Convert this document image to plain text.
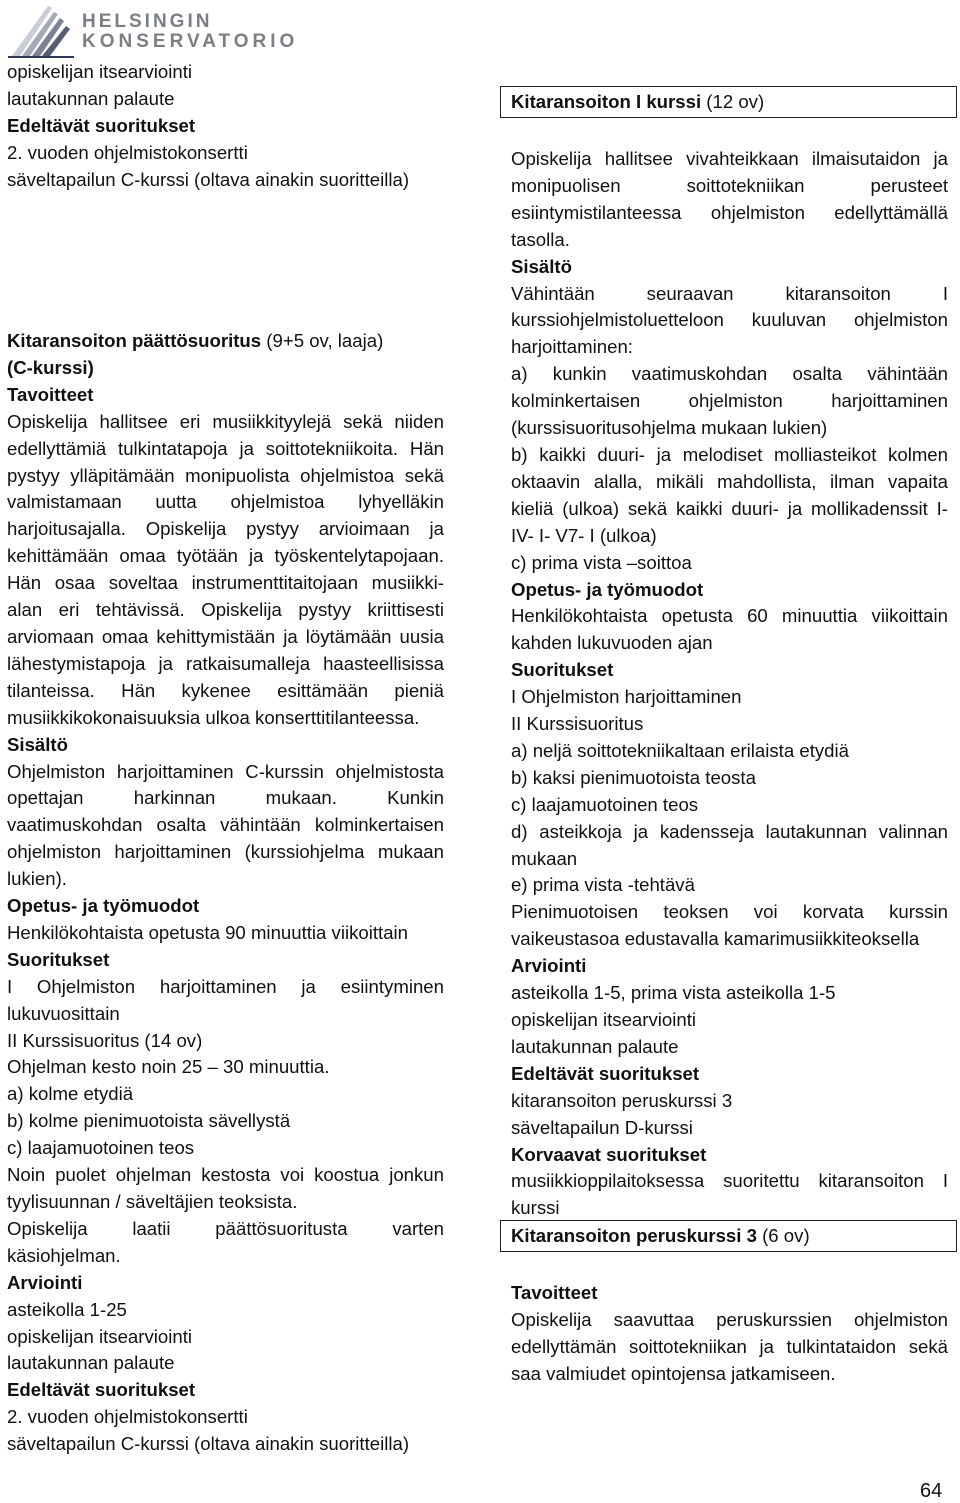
HELSINGIN
KONSERVATORIO

opiskelijan itsearviointi

lautakunnan palaute

Edeltävät suoritukset

2. vuoden ohjelmistokonsertti

säveltapailun C-kurssi (oltava ainakin suoritteilla)

Kitaransoiton päättösuoritus (9+5 ov, laaja)

(C-kurssi)

Tavoitteet

Opiskelija hallitsee eri musiikkityylejä sekä niiden edellyttämiä tulkintatapoja ja soittotekniikoita. Hän pystyy ylläpitämään monipuolista ohjelmistoa sekä valmistamaan uutta ohjelmistoa lyhyelläkin harjoitusajalla. Opiskelija pystyy arvioimaan ja kehittämään omaa työtään ja työskentelytapojaan. Hän osaa soveltaa instrumenttitaitojaan musiikki-alan eri tehtävissä. Opiskelija pystyy kriittisesti arviomaan omaa kehittymistään ja löytämään uusia lähestymistapoja ja ratkaisumalleja haasteellisissa tilanteissa. Hän kykenee esittämään pieniä musiikkikokonaisuuksia ulkoa konserttitilanteessa.

Sisältö

Ohjelmiston harjoittaminen C-kurssin ohjelmistosta opettajan harkinnan mukaan. Kunkin vaatimuskohdan osalta vähintään kolminkertaisen ohjelmiston harjoittaminen (kurssiohjelma mukaan lukien).

Opetus- ja työmuodot

Henkilökohtaista opetusta 90 minuuttia viikoittain

Suoritukset

I Ohjelmiston harjoittaminen ja esiintyminen lukuvuosittain

II Kurssisuoritus (14 ov)

Ohjelman kesto noin 25 – 30 minuuttia.

a) kolme etydiä

b) kolme pienimuotoista sävellystä

c) laajamuotoinen teos

Noin puolet ohjelman kestosta voi koostua jonkun tyylisuunnan / säveltäjien teoksista.

Opiskelija laatii päättösuoritusta varten käsiohjelman.

Arviointi

asteikolla 1-25

opiskelijan itsearviointi

lautakunnan palaute

Edeltävät suoritukset

2. vuoden ohjelmistokonsertti

säveltapailun C-kurssi (oltava ainakin suoritteilla)

Kitaransoiton I kurssi (12 ov)

Opiskelija hallitsee vivahteikkaan ilmaisutaidon ja monipuolisen soittotekniikan perusteet esiintymistilanteessa ohjelmiston edellyttämällä tasolla.

Sisältö

Vähintään seuraavan kitaransoiton I kurssiohjelmistoluetteloon kuuluvan ohjelmiston harjoittaminen:

a) kunkin vaatimuskohdan osalta vähintään kolminkertaisen ohjelmiston harjoittaminen (kurssisuoritusohjelma mukaan lukien)

b) kaikki duuri- ja melodiset molliasteikot kolmen oktaavin alalla, mikäli mahdollista, ilman vapaita kieliä (ulkoa) sekä kaikki duuri- ja mollikadenssit I- IV- I- V7- I (ulkoa)

c) prima vista –soittoa

Opetus- ja työmuodot

Henkilökohtaista opetusta 60 minuuttia viikoittain kahden lukuvuoden ajan

Suoritukset

I Ohjelmiston harjoittaminen

II Kurssisuoritus

a) neljä soittotekniikaltaan erilaista etydiä

b) kaksi pienimuotoista teosta

c) laajamuotoinen teos

d) asteikkoja ja kadensseja lautakunnan valinnan mukaan

e) prima vista -tehtävä

Pienimuotoisen teoksen voi korvata kurssin vaikeustasoa edustavalla kamarimusiikkiteoksella

Arviointi

asteikolla 1-5, prima vista asteikolla 1-5

opiskelijan itsearviointi

lautakunnan palaute

Edeltävät suoritukset

kitaransoiton peruskurssi 3

säveltapailun D-kurssi

Korvaavat suoritukset

musiikkioppilaitoksessa suoritettu kitaransoiton I kurssi

Kitaransoiton peruskurssi 3 (6 ov)

Tavoitteet

Opiskelija saavuttaa peruskurssien ohjelmiston edellyttämän soittotekniikan ja tulkintataidon sekä saa valmiudet opintojensa jatkamiseen.

64
